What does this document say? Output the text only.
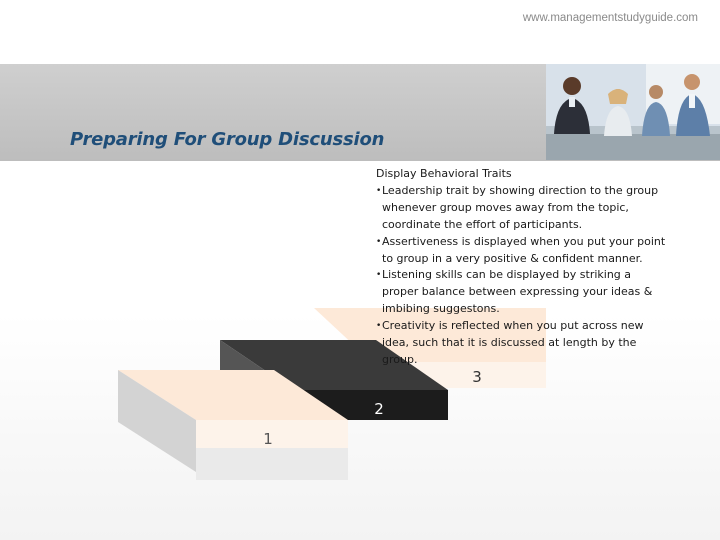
www.managementstudyguide.com
Preparing For Group Discussion
3
2
1

Display Behavioral Traits

• Leadership trait by showing direction to the group whenever group moves away from the topic, coordinate the effort of participants.
• Assertiveness is displayed when you put your point to group in a very positive & confident manner.
• Listening skills can be displayed by striking a proper balance between expressing your ideas & imbibing suggestons.
• Creativity is reflected when you put across new idea, such that it is discussed at length by the group.
